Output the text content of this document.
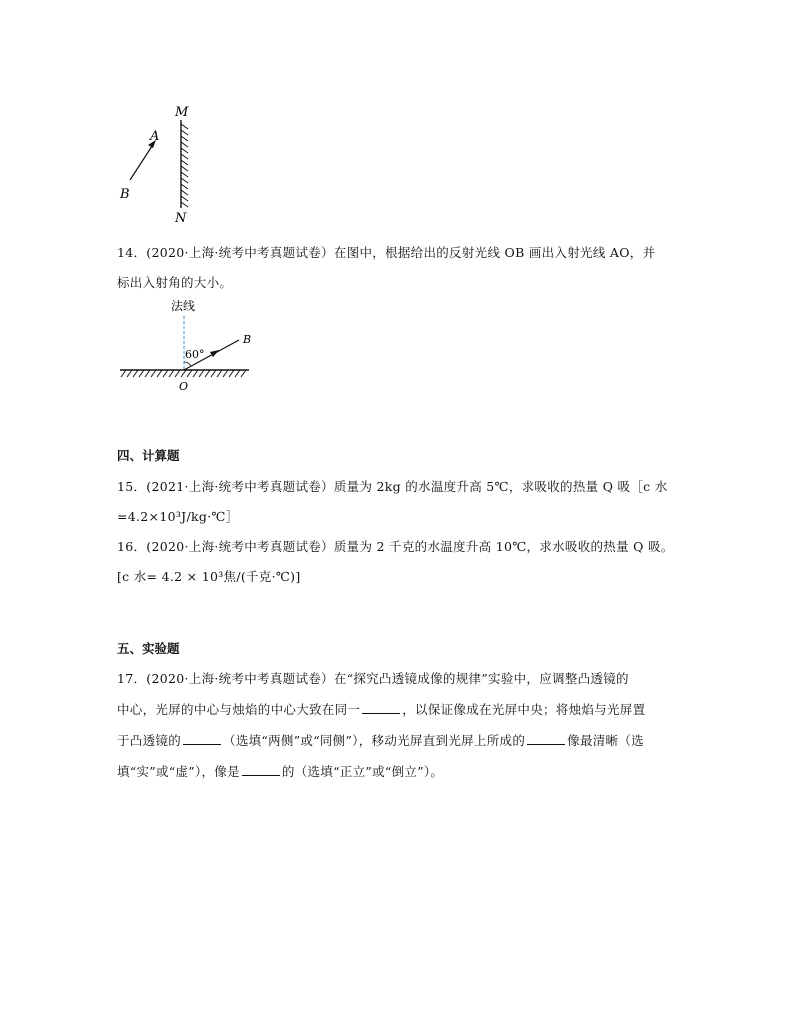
M
N
A
B
14．(2020·上海·统考中考真题试卷）在图中，根据给出的反射光线 OB 画出入射光线 AO，并
标出入射角的大小。
法线
60°
B
O
四、计算题
15．(2021·上海·统考中考真题试卷）质量为 2kg 的水温度升高 5℃，求吸收的热量 Q 吸［c 水
=4.2×10³J/kg·℃］
16．(2020·上海·统考中考真题试卷）质量为 2 千克的水温度升高 10℃，求水吸收的热量 Q 吸。
[c 水= 4.2 × 10³焦/(千克·℃)]
五、实验题
17．(2020·上海·统考中考真题试卷）在“探究凸透镜成像的规律”实验中，应调整凸透镜的
中心，光屏的中心与烛焰的中心大致在同一	，以保证像成在光屏中央；将烛焰与光屏置
于凸透镜的	（选填“两侧”或“同侧”），移动光屏直到光屏上所成的	像最清晰（选
填“实”或“虚”），像是	的（选填“正立”或“倒立”）。
